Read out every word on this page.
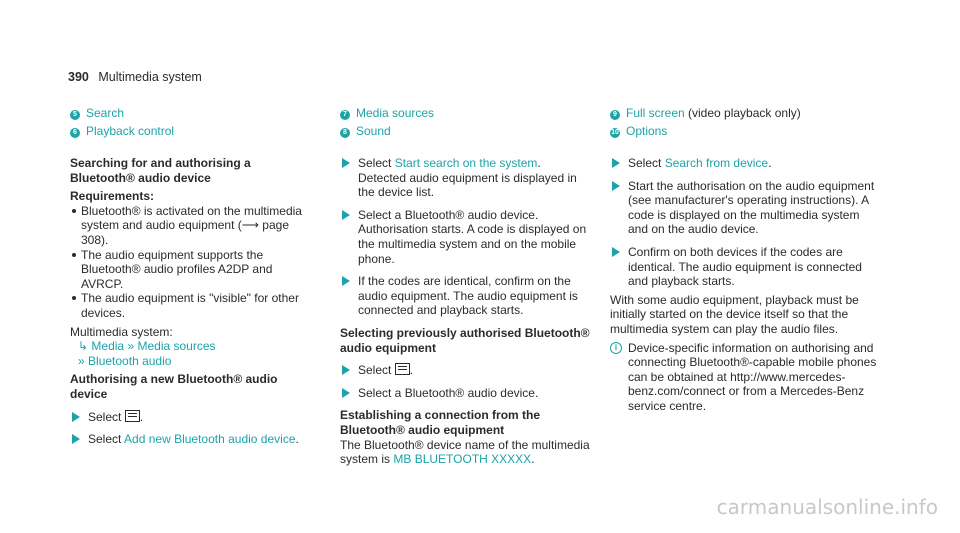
390 Multimedia system
5 Search
6 Playback control
Searching for and authorising a Bluetooth® audio device
Requirements:
Bluetooth® is activated on the multimedia system and audio equipment (⟶ page 308).
The audio equipment supports the Bluetooth® audio profiles A2DP and AVRCP.
The audio equipment is "visible" for other devices.
Multimedia system:
↳ Media » Media sources
» Bluetooth audio
Authorising a new Bluetooth® audio device
Select .
Select Add new Bluetooth audio device.
7 Media sources
8 Sound
Select Start search on the system. Detected audio equipment is displayed in the device list.
Select a Bluetooth® audio device. Authorisation starts. A code is displayed on the multimedia system and on the mobile phone.
If the codes are identical, confirm on the audio equipment. The audio equipment is connected and playback starts.
Selecting previously authorised Bluetooth® audio equipment
Select .
Select a Bluetooth® audio device.
Establishing a connection from the Bluetooth® audio equipment
The Bluetooth® device name of the multimedia system is MB BLUETOOTH XXXXX.
9 Full screen (video playback only)
10 Options
Select Search from device.
Start the authorisation on the audio equipment (see manufacturer's operating instructions). A code is displayed on the multimedia system and on the audio device.
Confirm on both devices if the codes are identical. The audio equipment is connected and playback starts.
With some audio equipment, playback must be initially started on the device itself so that the multimedia system can play the audio files.
i Device-specific information on authorising and connecting Bluetooth®-capable mobile phones can be obtained at http://www.mercedes-benz.com/connect or from a Mercedes-Benz service centre.
carmanualsonline.info
